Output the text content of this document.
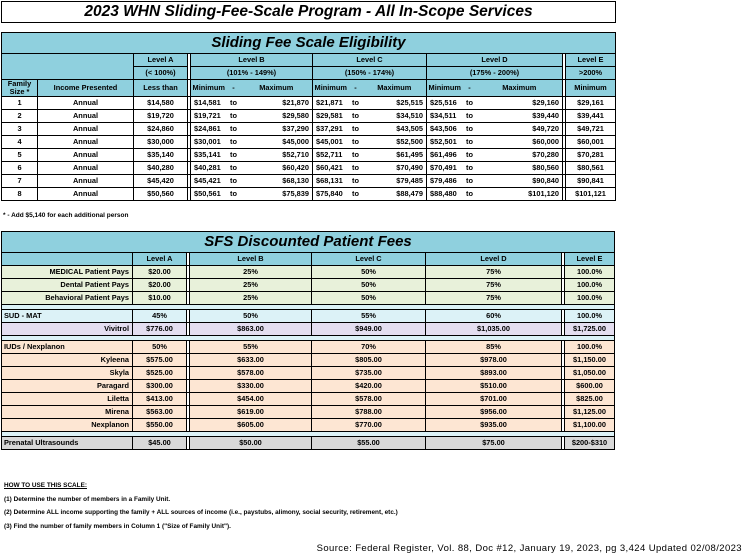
2023 WHN Sliding-Fee-Scale Program - All In-Scope Services
Sliding Fee Scale Eligibility														
		Level A		Level B			Level C			Level D				Level E
		(< 100%)		(101% - 149%)			(150% - 174%)			(175% - 200%)				>200%
Family Size *	Income Presented	Less than		Minimum	-	Maximum	Minimum	-	Maximum	Minimum	-	Maximum		Minimum
1	Annual	$14,580		$14,581	to	$21,870	$21,871	to	$25,515	$25,516	to	$29,160		$29,161
2	Annual	$19,720		$19,721	to	$29,580	$29,581	to	$34,510	$34,511	to	$39,440		$39,441
3	Annual	$24,860		$24,861	to	$37,290	$37,291	to	$43,505	$43,506	to	$49,720		$49,721
4	Annual	$30,000		$30,001	to	$45,000	$45,001	to	$52,500	$52,501	to	$60,000		$60,001
5	Annual	$35,140		$35,141	to	$52,710	$52,711	to	$61,495	$61,496	to	$70,280		$70,281
6	Annual	$40,280		$40,281	to	$60,420	$60,421	to	$70,490	$70,491	to	$80,560		$80,561
7	Annual	$45,420		$45,421	to	$68,130	$68,131	to	$79,485	$79,486	to	$90,840		$90,841
8	Annual	$50,560		$50,561	to	$75,839	$75,840	to	$88,479	$88,480	to	$101,120		$101,121
* - Add $5,140 for each additional person
SFS Discounted Patient Fees							
	Level A		Level B	Level C	Level D		Level E
MEDICAL Patient Pays	$20.00		25%	50%	75%		100.0%
Dental Patient Pays	$20.00		25%	50%	75%		100.0%
Behavioral Patient Pays	$10.00		25%	50%	75%		100.0%

SUD - MAT	45%		50%	55%	60%		100.0%
Vivitrol	$776.00		$863.00	$949.00	$1,035.00		$1,725.00

IUDs / Nexplanon	50%		55%	70%	85%		100.0%
Kyleena	$575.00		$633.00	$805.00	$978.00		$1,150.00
Skyla	$525.00		$578.00	$735.00	$893.00		$1,050.00
Paragard	$300.00		$330.00	$420.00	$510.00		$600.00
Liletta	$413.00		$454.00	$578.00	$701.00		$825.00
Mirena	$563.00		$619.00	$788.00	$956.00		$1,125.00
Nexplanon	$550.00		$605.00	$770.00	$935.00		$1,100.00

Prenatal Ultrasounds	$45.00		$50.00	$55.00	$75.00		$200-$310
HOW TO USE THIS SCALE:
(1) Determine the number of members in a Family Unit.
(2) Determine ALL income supporting the family + ALL sources of income (i.e., paystubs, alimony, social security, retirement, etc.)
(3) Find the number of family members in Column 1 ("Size of Family Unit").
Source: Federal Register, Vol. 88, Doc #12, January 19, 2023, pg 3,424 Updated 02/08/2023
